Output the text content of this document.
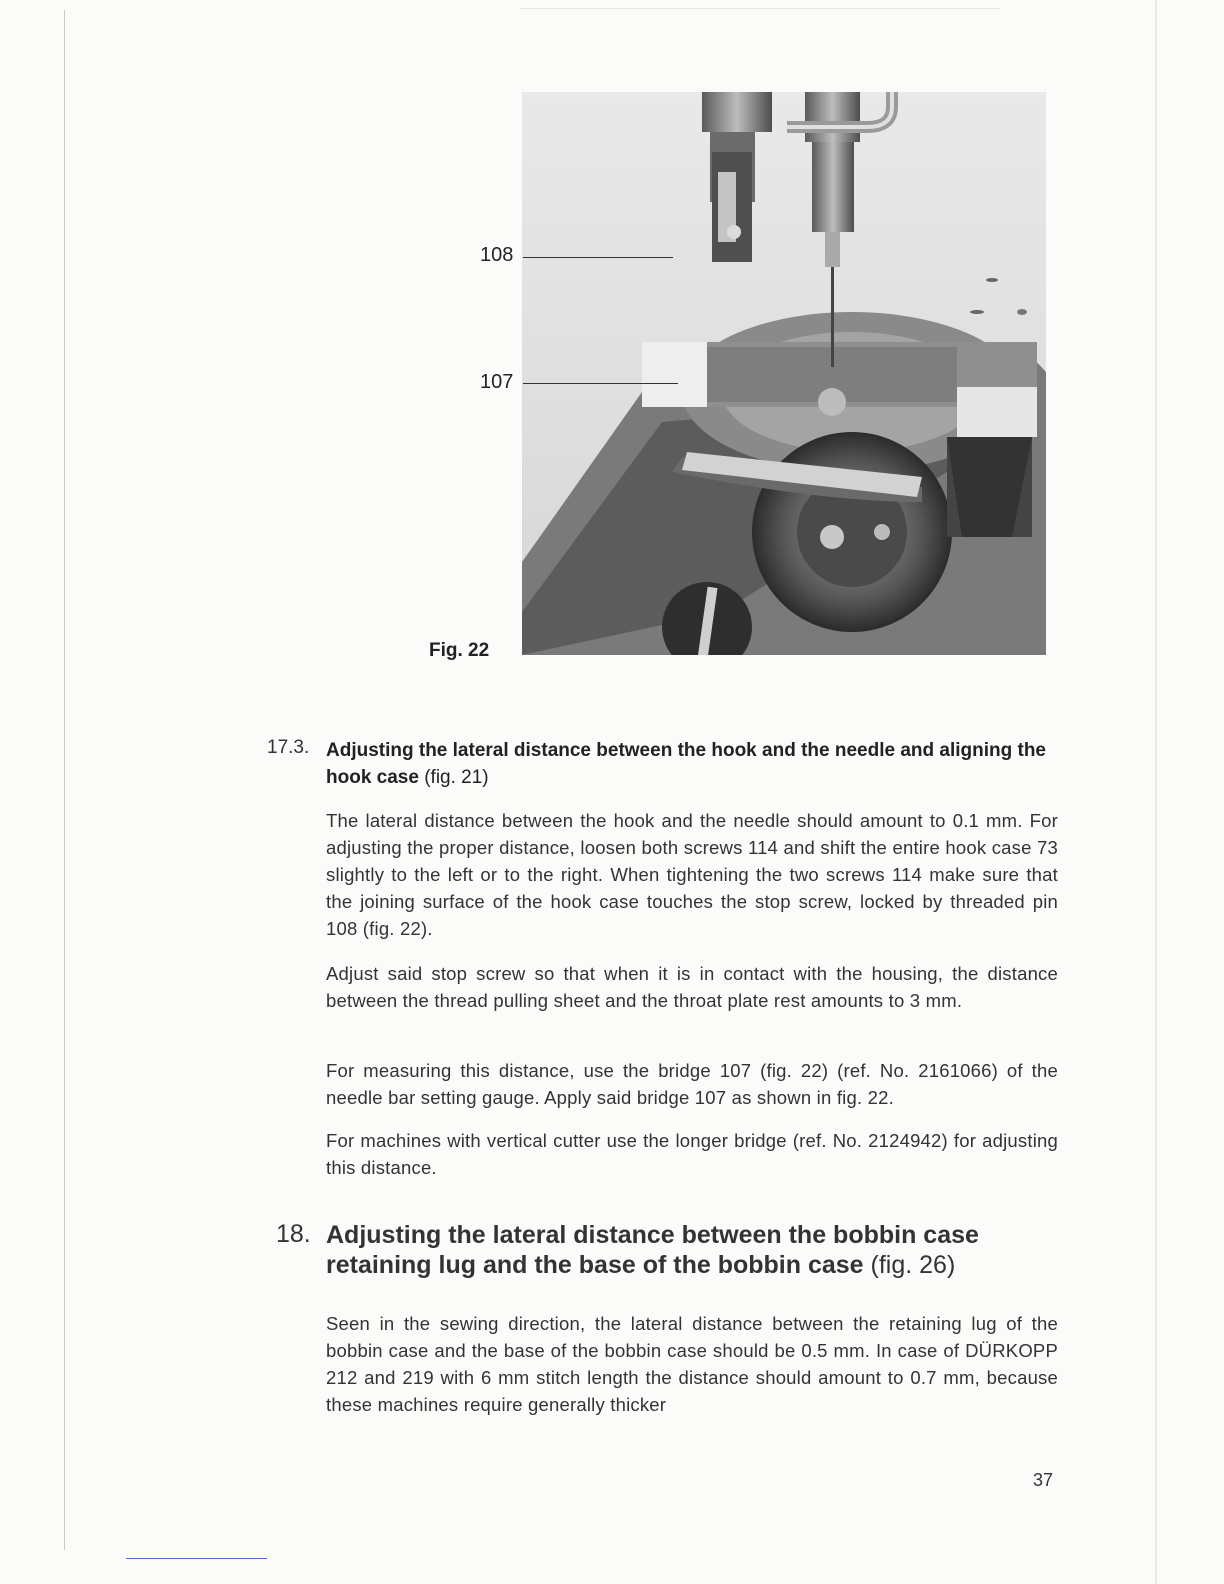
108
107
Fig. 22
17.3. Adjusting the lateral distance between the hook and the needle and aligning the hook case (fig. 21)
The lateral distance between the hook and the needle should amount to 0.1 mm. For adjusting the proper distance, loosen both screws 114 and shift the entire hook case 73 slightly to the left or to the right. When tightening the two screws 114 make sure that the joining surface of the hook case touches the stop screw, locked by threaded pin 108 (fig. 22).
Adjust said stop screw so that when it is in contact with the housing, the distance between the thread pulling sheet and the throat plate rest amounts to 3 mm.
For measuring this distance, use the bridge 107 (fig. 22) (ref. No. 2161066) of the needle bar setting gauge. Apply said bridge 107 as shown in fig. 22.
For machines with vertical cutter use the longer bridge (ref. No. 2124942) for adjusting this distance.
18. Adjusting the lateral distance between the bobbin case retaining lug and the base of the bobbin case (fig. 26)
Seen in the sewing direction, the lateral distance between the retaining lug of the bobbin case and the base of the bobbin case should be 0.5 mm. In case of DÜRKOPP 212 and 219 with 6 mm stitch length the distance should amount to 0.7 mm, because these machines require generally thicker
37
